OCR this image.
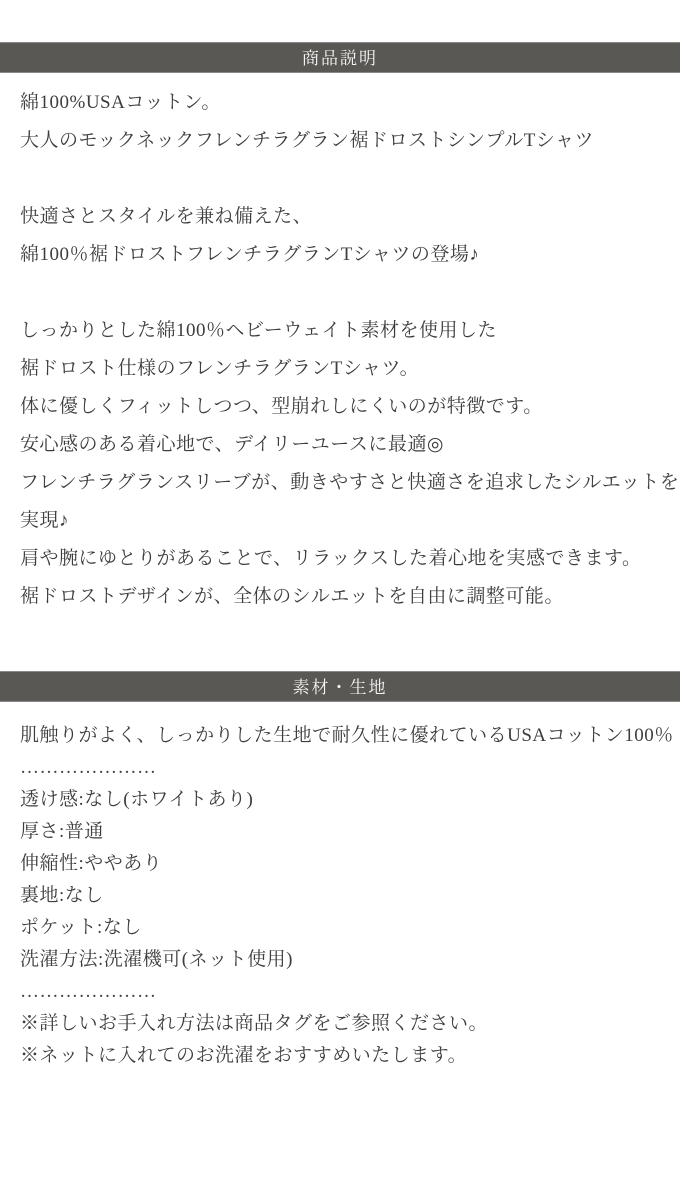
商品説明
綿100%USAコットン。
大人のモックネックフレンチラグラン裾ドロストシンプルTシャツ

快適さとスタイルを兼ね備えた、
綿100％裾ドロストフレンチラグランTシャツの登場♪

しっかりとした綿100％ヘビーウェイト素材を使用した
裾ドロスト仕様のフレンチラグランTシャツ。
体に優しくフィットしつつ、型崩れしにくいのが特徴です。
安心感のある着心地で、デイリーユースに最適◎
フレンチラグランスリーブが、動きやすさと快適さを追求したシルエットを
実現♪
肩や腕にゆとりがあることで、リラックスした着心地を実感できます。
裾ドロストデザインが、全体のシルエットを自由に調整可能。
素材・生地
肌触りがよく、しっかりした生地で耐久性に優れているUSAコットン100％
…………………
透け感:なし(ホワイトあり)
厚さ:普通
伸縮性:ややあり
裏地:なし
ポケット:なし
洗濯方法:洗濯機可(ネット使用)
…………………
※詳しいお手入れ方法は商品タグをご参照ください。
※ネットに入れてのお洗濯をおすすめいたします。
